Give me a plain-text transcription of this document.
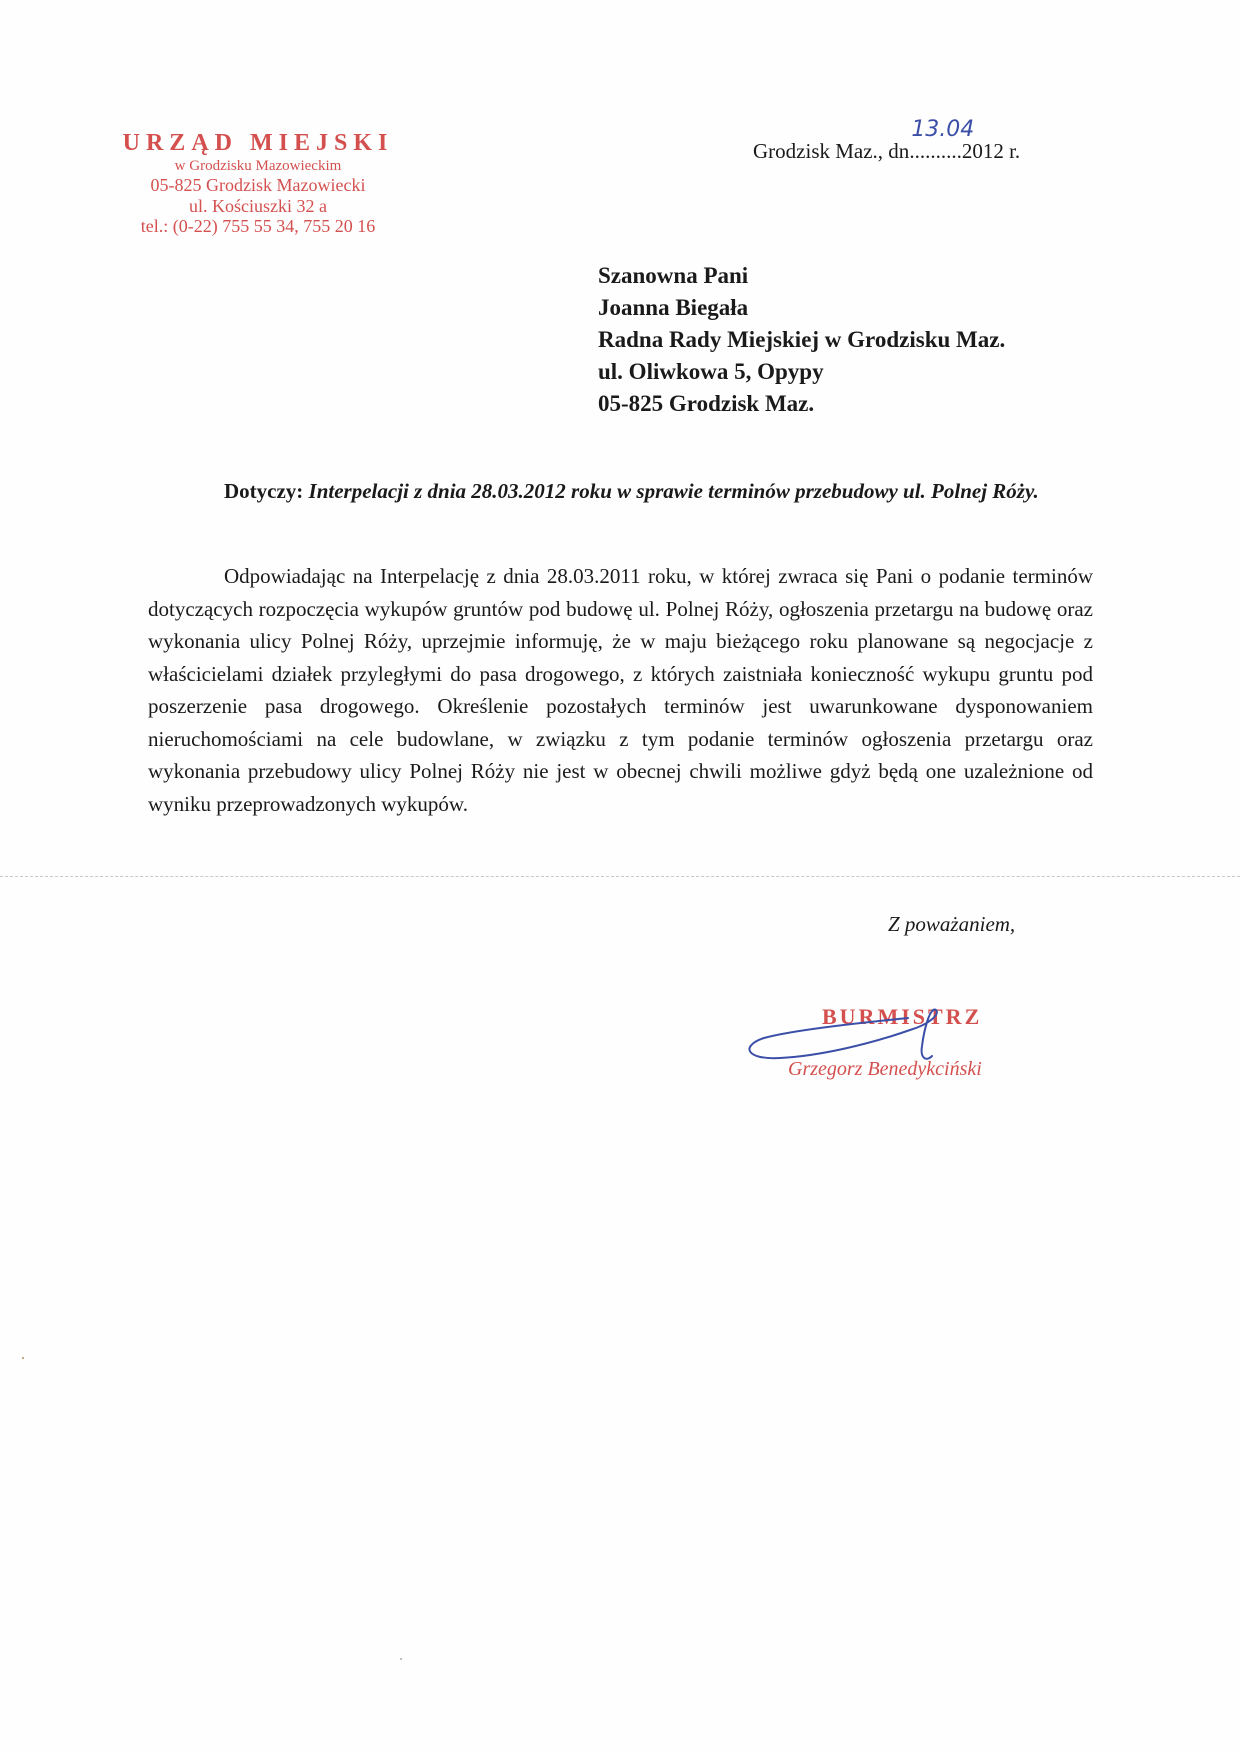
URZĄD MIEJSKI
w Grodzisku Mazowieckim
05-825 Grodzisk Mazowiecki
ul. Kościuszki 32 a
tel.: (0-22) 755 55 34, 755 20 16
Grodzisk Maz., dn
13.04
..........2012 r.
Szanowna Pani
Joanna Biegała
Radna Rady Miejskiej w Grodzisku Maz.
ul. Oliwkowa 5, Opypy
05-825 Grodzisk Maz.
Dotyczy: Interpelacji z dnia 28.03.2012 roku w sprawie terminów przebudowy ul. Polnej Róży.
Odpowiadając na Interpelację z dnia 28.03.2011 roku, w której zwraca się Pani o podanie terminów dotyczących rozpoczęcia wykupów gruntów pod budowę ul. Polnej Róży, ogłoszenia przetargu na budowę oraz wykonania ulicy Polnej Róży, uprzejmie informuję, że w maju bieżącego roku planowane są negocjacje z właścicielami działek przyległymi do pasa drogowego, z których zaistniała konieczność wykupu gruntu pod poszerzenie pasa drogowego. Określenie pozostałych terminów jest uwarunkowane dysponowaniem nieruchomościami na cele budowlane, w związku z tym podanie terminów ogłoszenia przetargu oraz wykonania przebudowy ulicy Polnej Róży nie jest w obecnej chwili możliwe gdyż będą one uzależnione od wyniku przeprowadzonych wykupów.
Z poważaniem,
BURMISTRZ
Grzegorz Benedykciński
